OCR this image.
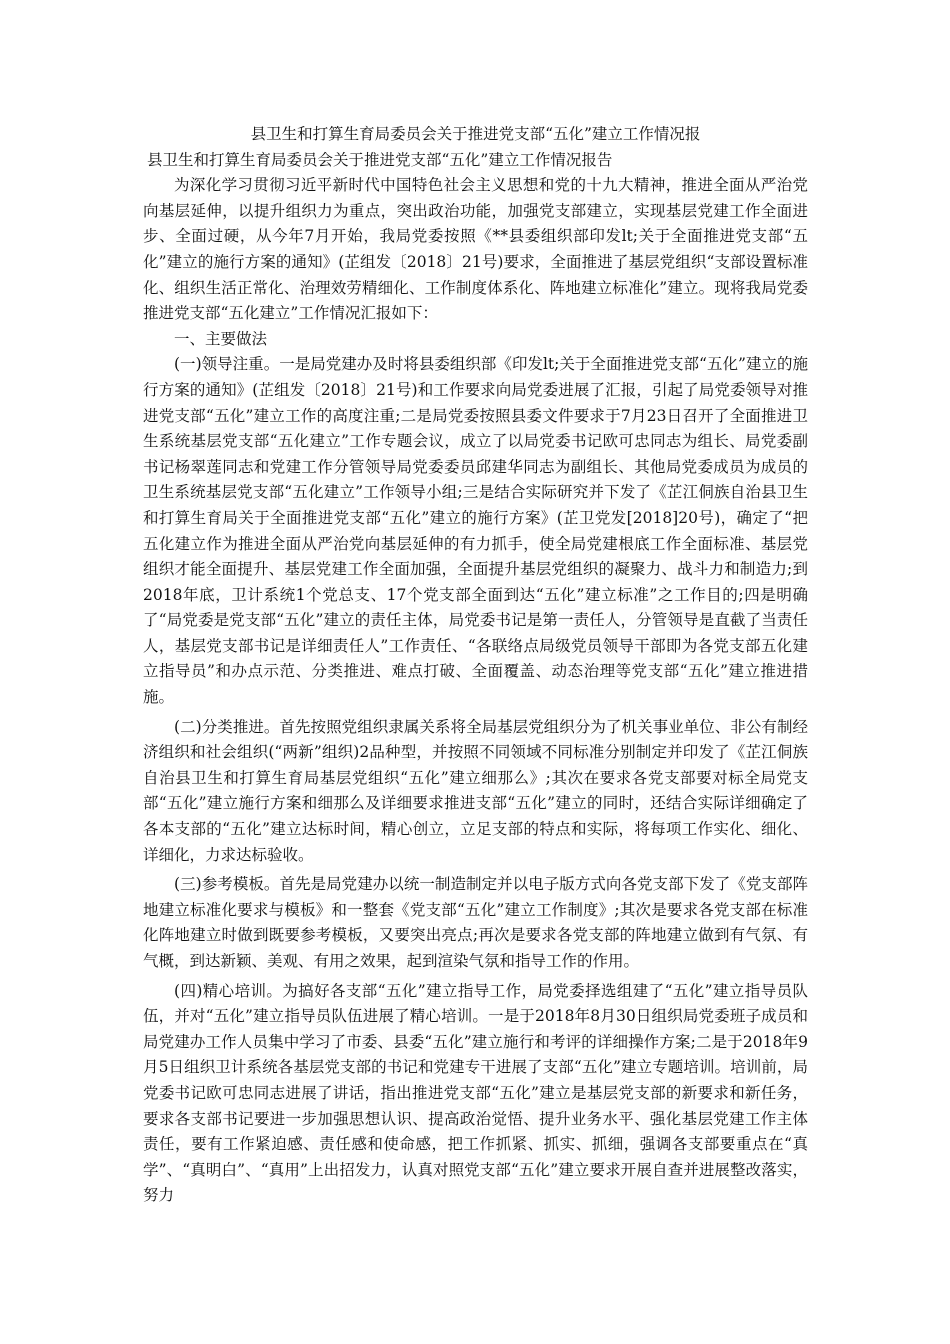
县卫生和打算生育局委员会关于推进党支部“五化”建立工作情况报

县卫生和打算生育局委员会关于推进党支部“五化”建立工作情况报告

为深化学习贯彻习近平新时代中国特色社会主义思想和党的十九大精神，推进全面从严治党向基层延伸，以提升组织力为重点，突出政治功能，加强党支部建立，实现基层党建工作全面进步、全面过硬，从今年7月开始，我局党委按照《**县委组织部印发lt;关于全面推进党支部“五化”建立的施行方案的通知》(芷组发〔2018〕21号)要求，全面推进了基层党组织“支部设置标准化、组织生活正常化、治理效劳精细化、工作制度体系化、阵地建立标准化”建立。现将我局党委推进党支部“五化建立”工作情况汇报如下：

一、主要做法

(一)领导注重。一是局党建办及时将县委组织部《印发lt;关于全面推进党支部“五化”建立的施行方案的通知》(芷组发〔2018〕21号)和工作要求向局党委进展了汇报，引起了局党委领导对推进党支部“五化”建立工作的高度注重;二是局党委按照县委文件要求于7月23日召开了全面推进卫生系统基层党支部“五化建立”工作专题会议，成立了以局党委书记欧可忠同志为组长、局党委副书记杨翠莲同志和党建工作分管领导局党委委员邱建华同志为副组长、其他局党委成员为成员的卫生系统基层党支部“五化建立”工作领导小组;三是结合实际研究并下发了《芷江侗族自治县卫生和打算生育局关于全面推进党支部“五化”建立的施行方案》(芷卫党发[2018]20号)，确定了“把五化建立作为推进全面从严治党向基层延伸的有力抓手，使全局党建根底工作全面标准、基层党组织才能全面提升、基层党建工作全面加强，全面提升基层党组织的凝聚力、战斗力和制造力;到2018年底，卫计系统1个党总支、17个党支部全面到达“五化”建立标准”之工作目的;四是明确了“局党委是党支部“五化”建立的责任主体，局党委书记是第一责任人，分管领导是直截了当责任人，基层党支部书记是详细责任人”工作责任、“各联络点局级党员领导干部即为各党支部五化建立指导员”和办点示范、分类推进、难点打破、全面覆盖、动态治理等党支部“五化”建立推进措施。

(二)分类推进。首先按照党组织隶属关系将全局基层党组织分为了机关事业单位、非公有制经济组织和社会组织(“两新”组织)2品种型，并按照不同领域不同标准分别制定并印发了《芷江侗族自治县卫生和打算生育局基层党组织“五化”建立细那么》;其次在要求各党支部要对标全局党支部“五化”建立施行方案和细那么及详细要求推进支部“五化”建立的同时，还结合实际详细确定了各本支部的“五化”建立达标时间，精心创立，立足支部的特点和实际，将每项工作实化、细化、详细化，力求达标验收。

(三)参考模板。首先是局党建办以统一制造制定并以电子版方式向各党支部下发了《党支部阵地建立标准化要求与模板》和一整套《党支部“五化”建立工作制度》;其次是要求各党支部在标准化阵地建立时做到既要参考模板，又要突出亮点;再次是要求各党支部的阵地建立做到有气氛、有气概，到达新颖、美观、有用之效果，起到渲染气氛和指导工作的作用。

(四)精心培训。为搞好各支部“五化”建立指导工作，局党委择选组建了“五化”建立指导员队伍，并对“五化”建立指导员队伍进展了精心培训。一是于2018年8月30日组织局党委班子成员和局党建办工作人员集中学习了市委、县委“五化”建立施行和考评的详细操作方案;二是于2018年9月5日组织卫计系统各基层党支部的书记和党建专干进展了支部“五化”建立专题培训。培训前，局党委书记欧可忠同志进展了讲话，指出推进党支部“五化”建立是基层党支部的新要求和新任务，要求各支部书记要进一步加强思想认识、提高政治觉悟、提升业务水平、强化基层党建工作主体责任，要有工作紧迫感、责任感和使命感，把工作抓紧、抓实、抓细，强调各支部要重点在“真学”、“真明白”、“真用”上出招发力，认真对照党支部“五化”建立要求开展自查并进展整改落实，努力
